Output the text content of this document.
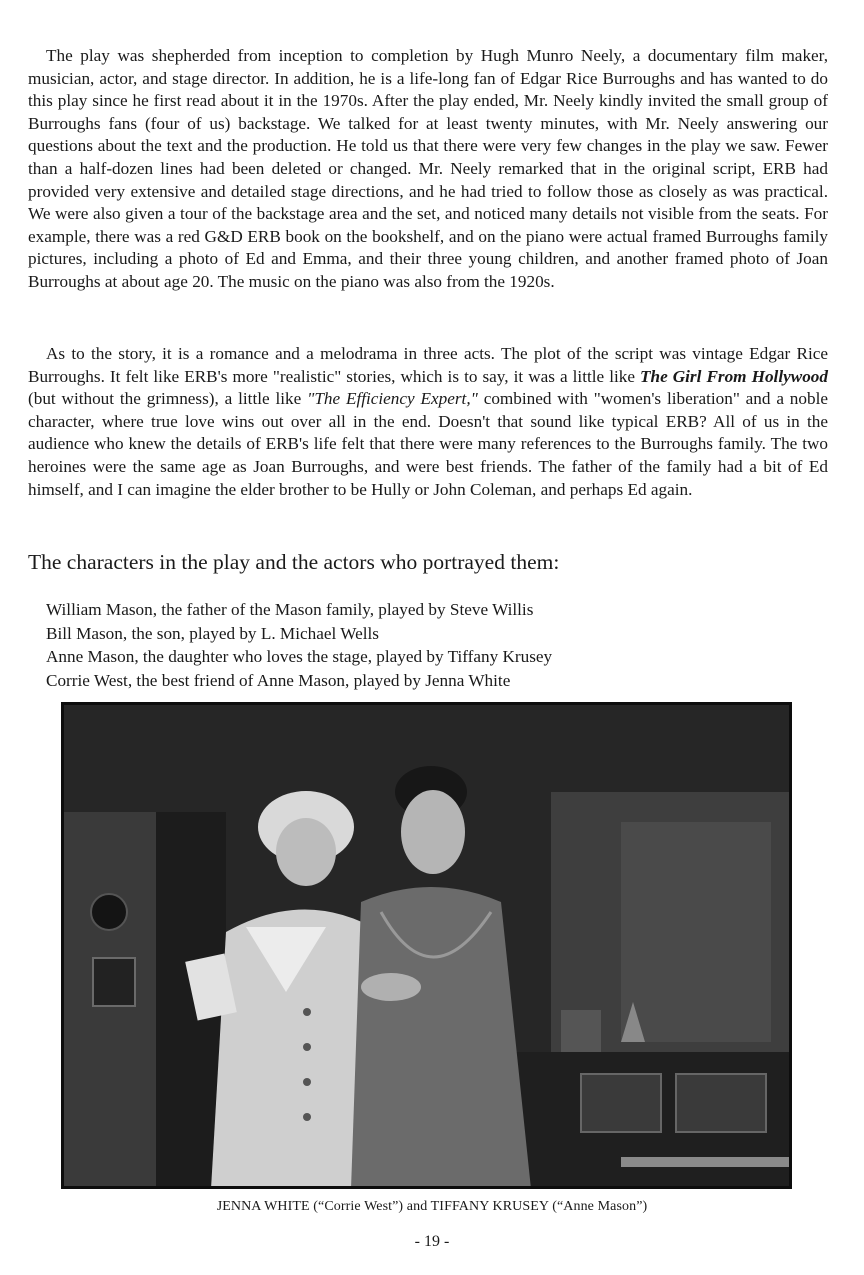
The play was shepherded from inception to completion by Hugh Munro Neely, a documentary film maker, musician, actor, and stage director. In addition, he is a life-long fan of Edgar Rice Burroughs and has wanted to do this play since he first read about it in the 1970s. After the play ended, Mr. Neely kindly invited the small group of Burroughs fans (four of us) backstage. We talked for at least twenty minutes, with Mr. Neely answering our questions about the text and the production. He told us that there were very few changes in the play we saw. Fewer than a half-dozen lines had been deleted or changed. Mr. Neely remarked that in the original script, ERB had provided very extensive and detailed stage directions, and he had tried to follow those as closely as was practical. We were also given a tour of the backstage area and the set, and noticed many details not visible from the seats. For example, there was a red G&D ERB book on the bookshelf, and on the piano were actual framed Burroughs family pictures, including a photo of Ed and Emma, and their three young children, and another framed photo of Joan Burroughs at about age 20. The music on the piano was also from the 1920s.

As to the story, it is a romance and a melodrama in three acts. The plot of the script was vintage Edgar Rice Burroughs. It felt like ERB's more "realistic" stories, which is to say, it was a little like The Girl From Hollywood (but without the grimness), a little like "The Efficiency Expert," combined with "women's liberation" and a noble character, where true love wins out over all in the end. Doesn't that sound like typical ERB? All of us in the audience who knew the details of ERB's life felt that there were many references to the Burroughs family. The two heroines were the same age as Joan Burroughs, and were best friends. The father of the family had a bit of Ed himself, and I can imagine the elder brother to be Hully or John Coleman, and perhaps Ed again.

The characters in the play and the actors who portrayed them:
William Mason, the father of the Mason family, played by Steve Willis
Bill Mason, the son, played by L. Michael Wells
Anne Mason, the daughter who loves the stage, played by Tiffany Krusey
Corrie West, the best friend of Anne Mason, played by Jenna White

JENNA WHITE (“Corrie West”) and TIFFANY KRUSEY (“Anne Mason”)

- 19 -
